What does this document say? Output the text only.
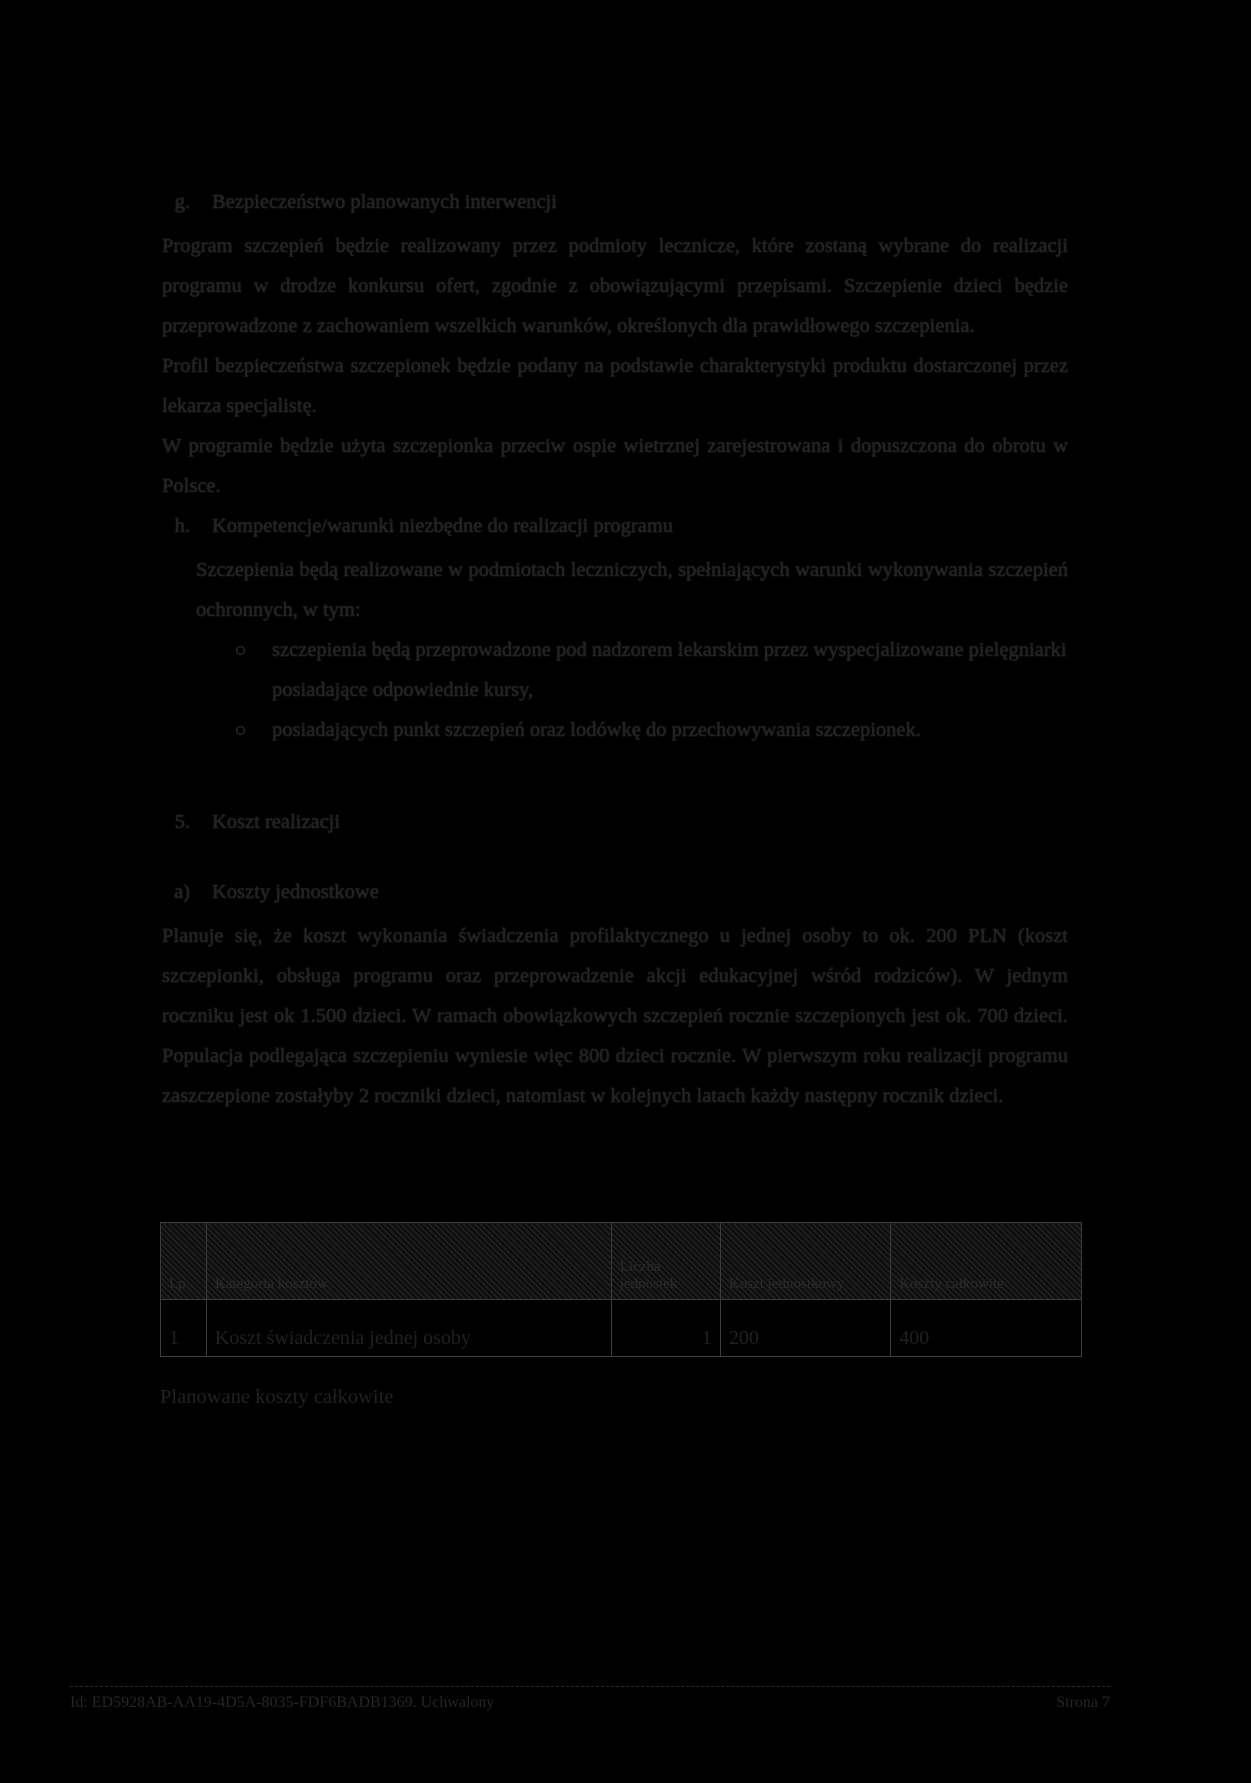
g. Bezpieczeństwo planowanych interwencji

Program szczepień będzie realizowany przez podmioty lecznicze, które zostaną wybrane do realizacji programu w drodze konkursu ofert, zgodnie z obowiązującymi przepisami. Szczepienie dzieci będzie przeprowadzone z zachowaniem wszelkich warunków, określonych dla prawidłowego szczepienia.

Profil bezpieczeństwa szczepionek będzie podany na podstawie charakterystyki produktu dostarczonej przez lekarza specjalistę.

W programie będzie użyta szczepionka przeciw ospie wietrznej zarejestrowana i dopuszczona do obrotu w Polsce.

h. Kompetencje/warunki niezbędne do realizacji programu

Szczepienia będą realizowane w podmiotach leczniczych, spełniających warunki wykonywania szczepień ochronnych, w tym:

szczepienia będą przeprowadzone pod nadzorem lekarskim przez wyspecjalizowane pielęgniarki posiadające odpowiednie kursy,
posiadających punkt szczepień oraz lodówkę do przechowywania szczepionek.
5. Koszt realizacji
a) Koszty jednostkowe

Planuje się, że koszt wykonania świadczenia profilaktycznego u jednej osoby to ok. 200 PLN (koszt szczepionki, obsługa programu oraz przeprowadzenie akcji edukacyjnej wśród rodziców). W jednym roczniku jest ok 1.500 dzieci. W ramach obowiązkowych szczepień rocznie szczepionych jest ok. 700 dzieci. Populacja podlegająca szczepieniu wyniesie więc 800 dzieci rocznie. W pierwszym roku realizacji programu zaszczepione zostałyby 2 roczniki dzieci, natomiast w kolejnych latach każdy następny rocznik dzieci.

Lp	Kategoria kosztów	Liczba jednostek	Koszt jednostkowy	Koszty całkowite
1	Koszt świadczenia jednej osoby	1	200	400
Planowane koszty całkowite
Id: ED5928AB-AA19-4D5A-8035-FDF6BADB1369. Uchwalony	Strona 7
